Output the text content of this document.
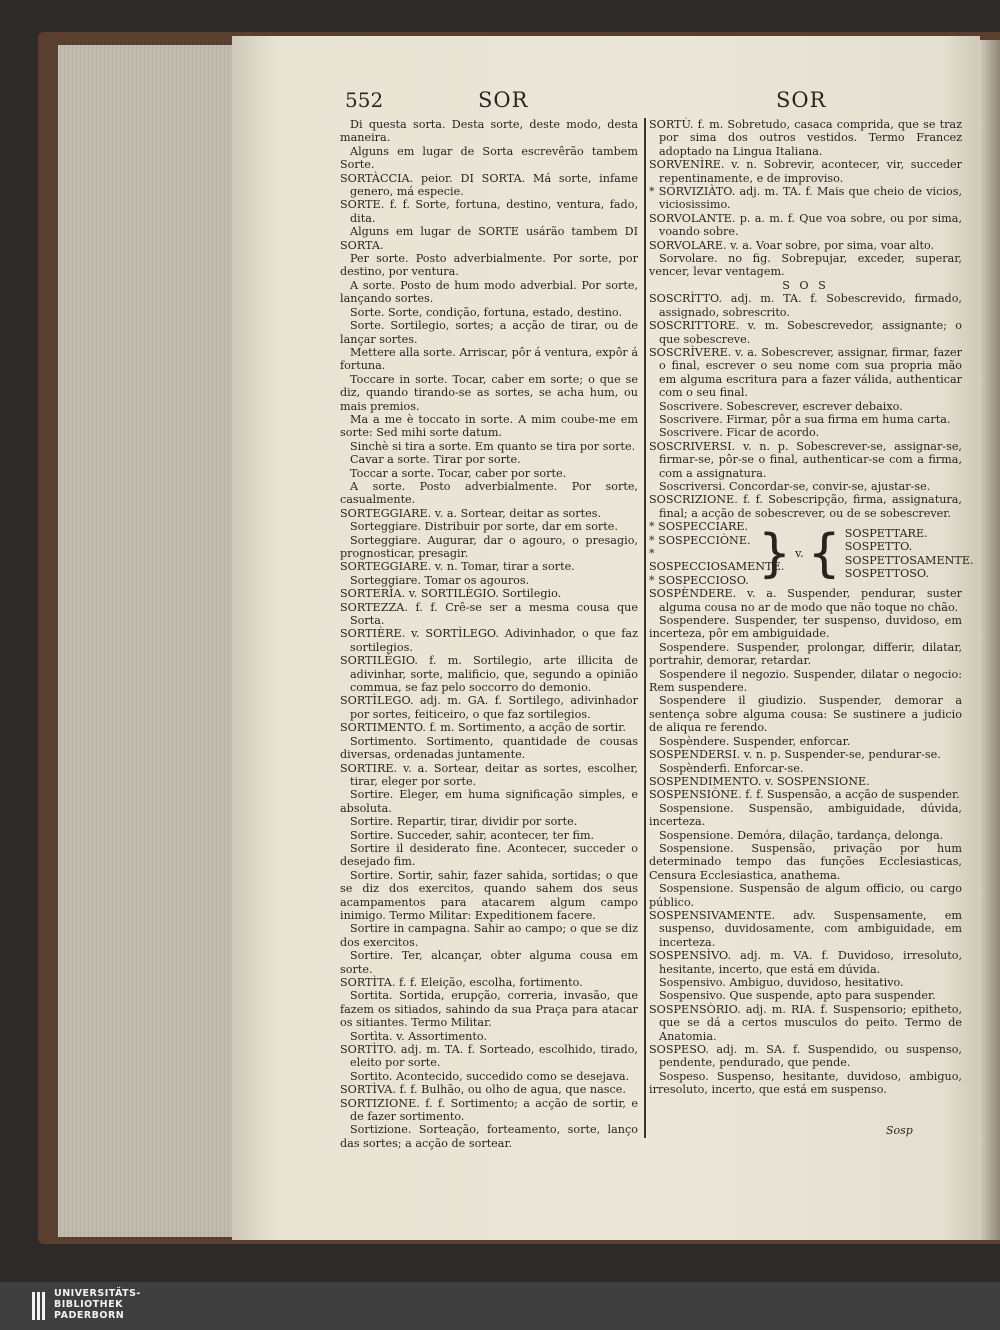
552	SOR	SOR

Di questa sorta. Desta sorte, deste modo, desta maneira.

Alguns em lugar de Sorta escrevêrão tambem Sorte.

SORTÀCCIA. peior. DI SORTA. Má sorte, infame genero, má especie.

SORTE. f. f. Sorte, fortuna, destino, ventura, fado, dita.

Alguns em lugar de SORTE usárão tambem DI SORTA.

Per sorte. Posto adverbialmente. Por sorte, por destino, por ventura.

A sorte. Posto de hum modo adverbial. Por sorte, lançando sortes.

Sorte. Sorte, condição, fortuna, estado, destino.

Sorte. Sortilegio, sortes; a acção de tirar, ou de lançar sortes.

Mettere alla sorte. Arriscar, pôr á ventura, expôr á fortuna.

Toccare in sorte. Tocar, caber em sorte; o que se diz, quando tirando-se as sortes, se acha hum, ou mais premios.

Ma a me è toccato in sorte. A mim coube-me em sorte: Sed mihi sorte datum.

Sinchè si tira a sorte. Em quanto se tira por sorte.

Cavar a sorte. Tirar por sorte.

Toccar a sorte. Tocar, caber por sorte.

A sorte. Posto adverbialmente. Por sorte, casualmente.

SORTEGGIARE. v. a. Sortear, deitar as sortes.

Sorteggiare. Distribuir por sorte, dar em sorte.

Sorteggiare. Augurar, dar o agouro, o presagio, prognosticar, presagir.

SORTEGGIARE. v. n. Tomar, tirar a sorte.

Sorteggiare. Tomar os agouros.

SORTERÌA. v. SORTILÈGIO. Sortilegio.

SORTEZZA. f. f. Crê-se ser a mesma cousa que Sorta.

SORTIÈRE. v. SORTÌLEGO. Adivinhador, o que faz sortilegios.

SORTILÈGIO. f. m. Sortilegio, arte illicita de adivinhar, sorte, malificio, que, segundo a opinião commua, se faz pelo soccorro do demonio.

SORTÌLEGO. adj. m. GA. f. Sortilego, adivinhador por sortes, feiticeiro, o que faz sortilegios.

SORTIMENTO. f. m. Sortimento, a acção de sortir.

Sortimento. Sortimento, quantidade de cousas diversas, ordenadas juntamente.

SORTIRE. v. a. Sortear, deitar as sortes, escolher, tirar, eleger por sorte.

Sortire. Eleger, em huma significação simples, e absoluta.

Sortire. Repartir, tirar, dividir por sorte.

Sortire. Succeder, sahir, acontecer, ter fim.

Sortire il desiderato fine. Acontecer, succeder o desejado fim.

Sortire. Sortir, sahir, fazer sahida, sortidas; o que se diz dos exercitos, quando sahem dos seus acampamentos para atacarem algum campo inimigo. Termo Militar: Expeditionem facere.

Sortire in campagna. Sahir ao campo; o que se diz dos exercitos.

Sortire. Ter, alcançar, obter alguma cousa em sorte.

SORTÌTA. f. f. Eleição, escolha, fortimento.

Sortita. Sortida, erupção, correria, invasão, que fazem os sitiados, sahindo da sua Praça para atacar os sitiantes. Termo Militar.

Sortìta. v. Assortimento.

SORTÌTO. adj. m. TA. f. Sorteado, escolhido, tirado, eleito por sorte.

Sortito. Acontecido, succedido como se desejava.

SORTÌVA. f. f. Bulhão, ou olho de agua, que nasce.

SORTIZIONE. f. f. Sortimento; a acção de sortir, e de fazer sortimento.

Sortizione. Sorteação, forteamento, sorte, lanço das sortes; a acção de sortear.

SORTÙ. f. m. Sobretudo, casaca comprida, que se traz por sima dos outros vestidos. Termo Francez adoptado na Lingua Italiana.

SORVENÌRE. v. n. Sobrevir, acontecer, vir, succeder repentinamente, e de improviso.

* SORVIZIÀTO. adj. m. TA. f. Mais que cheio de vicios, viciosissimo.

SORVOLANTE. p. a. m. f. Que voa sobre, ou por sima, voando sobre.

SORVOLARE. v. a. Voar sobre, por sima, voar alto.

Sorvolare. no fig. Sobrepujar, exceder, superar, vencer, levar ventagem.

S O S

SOSCRÌTTO. adj. m. TA. f. Sobescrevido, firmado, assignado, sobrescrito.

SOSCRITTORE. v. m. Sobescrevedor, assignante; o que sobescreve.

SOSCRÌVERE. v. a. Sobescrever, assignar, firmar, fazer o final, escrever o seu nome com sua propria mão em alguma escritura para a fazer válida, authenticar com o seu final.

Soscrivere. Sobescrever, escrever debaixo.

Soscrivere. Firmar, pôr a sua firma em huma carta.

Soscrivere. Ficar de acordo.

SOSCRIVERSI. v. n. p. Sobescrever-se, assignar-se, firmar-se, pôr-se o final, authenticar-se com a firma, com a assignatura.

Soscriversi. Concordar-se, convir-se, ajustar-se.

SOSCRIZIONE. f. f. Sobescripção, firma, assignatura, final; a acção de sobescrever, ou de se sobescrever.

* SOSPECCIARE.
* SOSPECCIÒNE.
* SOSPECCIOSAMENTE.
* SOSPECCIOSO. } v. { SOSPETTARE.
SOSPETTO.
SOSPETTOSAMENTE.
SOSPETTOSO.

SOSPÈNDERE. v. a. Suspender, pendurar, suster alguma cousa no ar de modo que não toque no chão.

Sospendere. Suspender, ter suspenso, duvidoso, em incerteza, pôr em ambiguidade.

Sospendere. Suspender, prolongar, differir, dilatar, portrahir, demorar, retardar.

Sospendere il negozio. Suspender, dilatar o negocio: Rem suspendere.

Sospendere il giudizio. Suspender, demorar a sentença sobre alguma cousa: Se sustinere a judicio de aliqua re ferendo.

Sospèndere. Suspender, enforcar.

SOSPENDERSI. v. n. p. Suspender-se, pendurar-se.

Sospènderfi. Enforcar-se.

SOSPENDIMENTO. v. SOSPENSIONE.

SOSPENSIÒNE. f. f. Suspensão, a acção de suspender.

Sospensione. Suspensão, ambiguidade, dúvida, incerteza.

Sospensione. Demóra, dilação, tardança, delonga.

Sospensione. Suspensão, privação por hum determinado tempo das funções Ecclesiasticas, Censura Ecclesiastica, anathema.

Sospensione. Suspensão de algum officio, ou cargo público.

SOSPENSIVAMENTE. adv. Suspensamente, em suspenso, duvidosamente, com ambiguidade, em incerteza.

SOSPENSÌVO. adj. m. VA. f. Duvidoso, irresoluto, hesitante, incerto, que está em dúvida.

Sospensivo. Ambiguo, duvidoso, hesitativo.

Sospensivo. Que suspende, apto para suspender.

SOSPENSÒRIO. adj. m. RIA. f. Suspensorio; epitheto, que se dá a certos musculos do peito. Termo de Anatomia.

SOSPESO. adj. m. SA. f. Suspendido, ou suspenso, pendente, pendurado, que pende.

Sospeso. Suspenso, hesitante, duvidoso, ambiguo, irresoluto, incerto, que está em suspenso.

Sosp
UNIVERSITÄTS-
BIBLIOTHEK
PADERBORN
